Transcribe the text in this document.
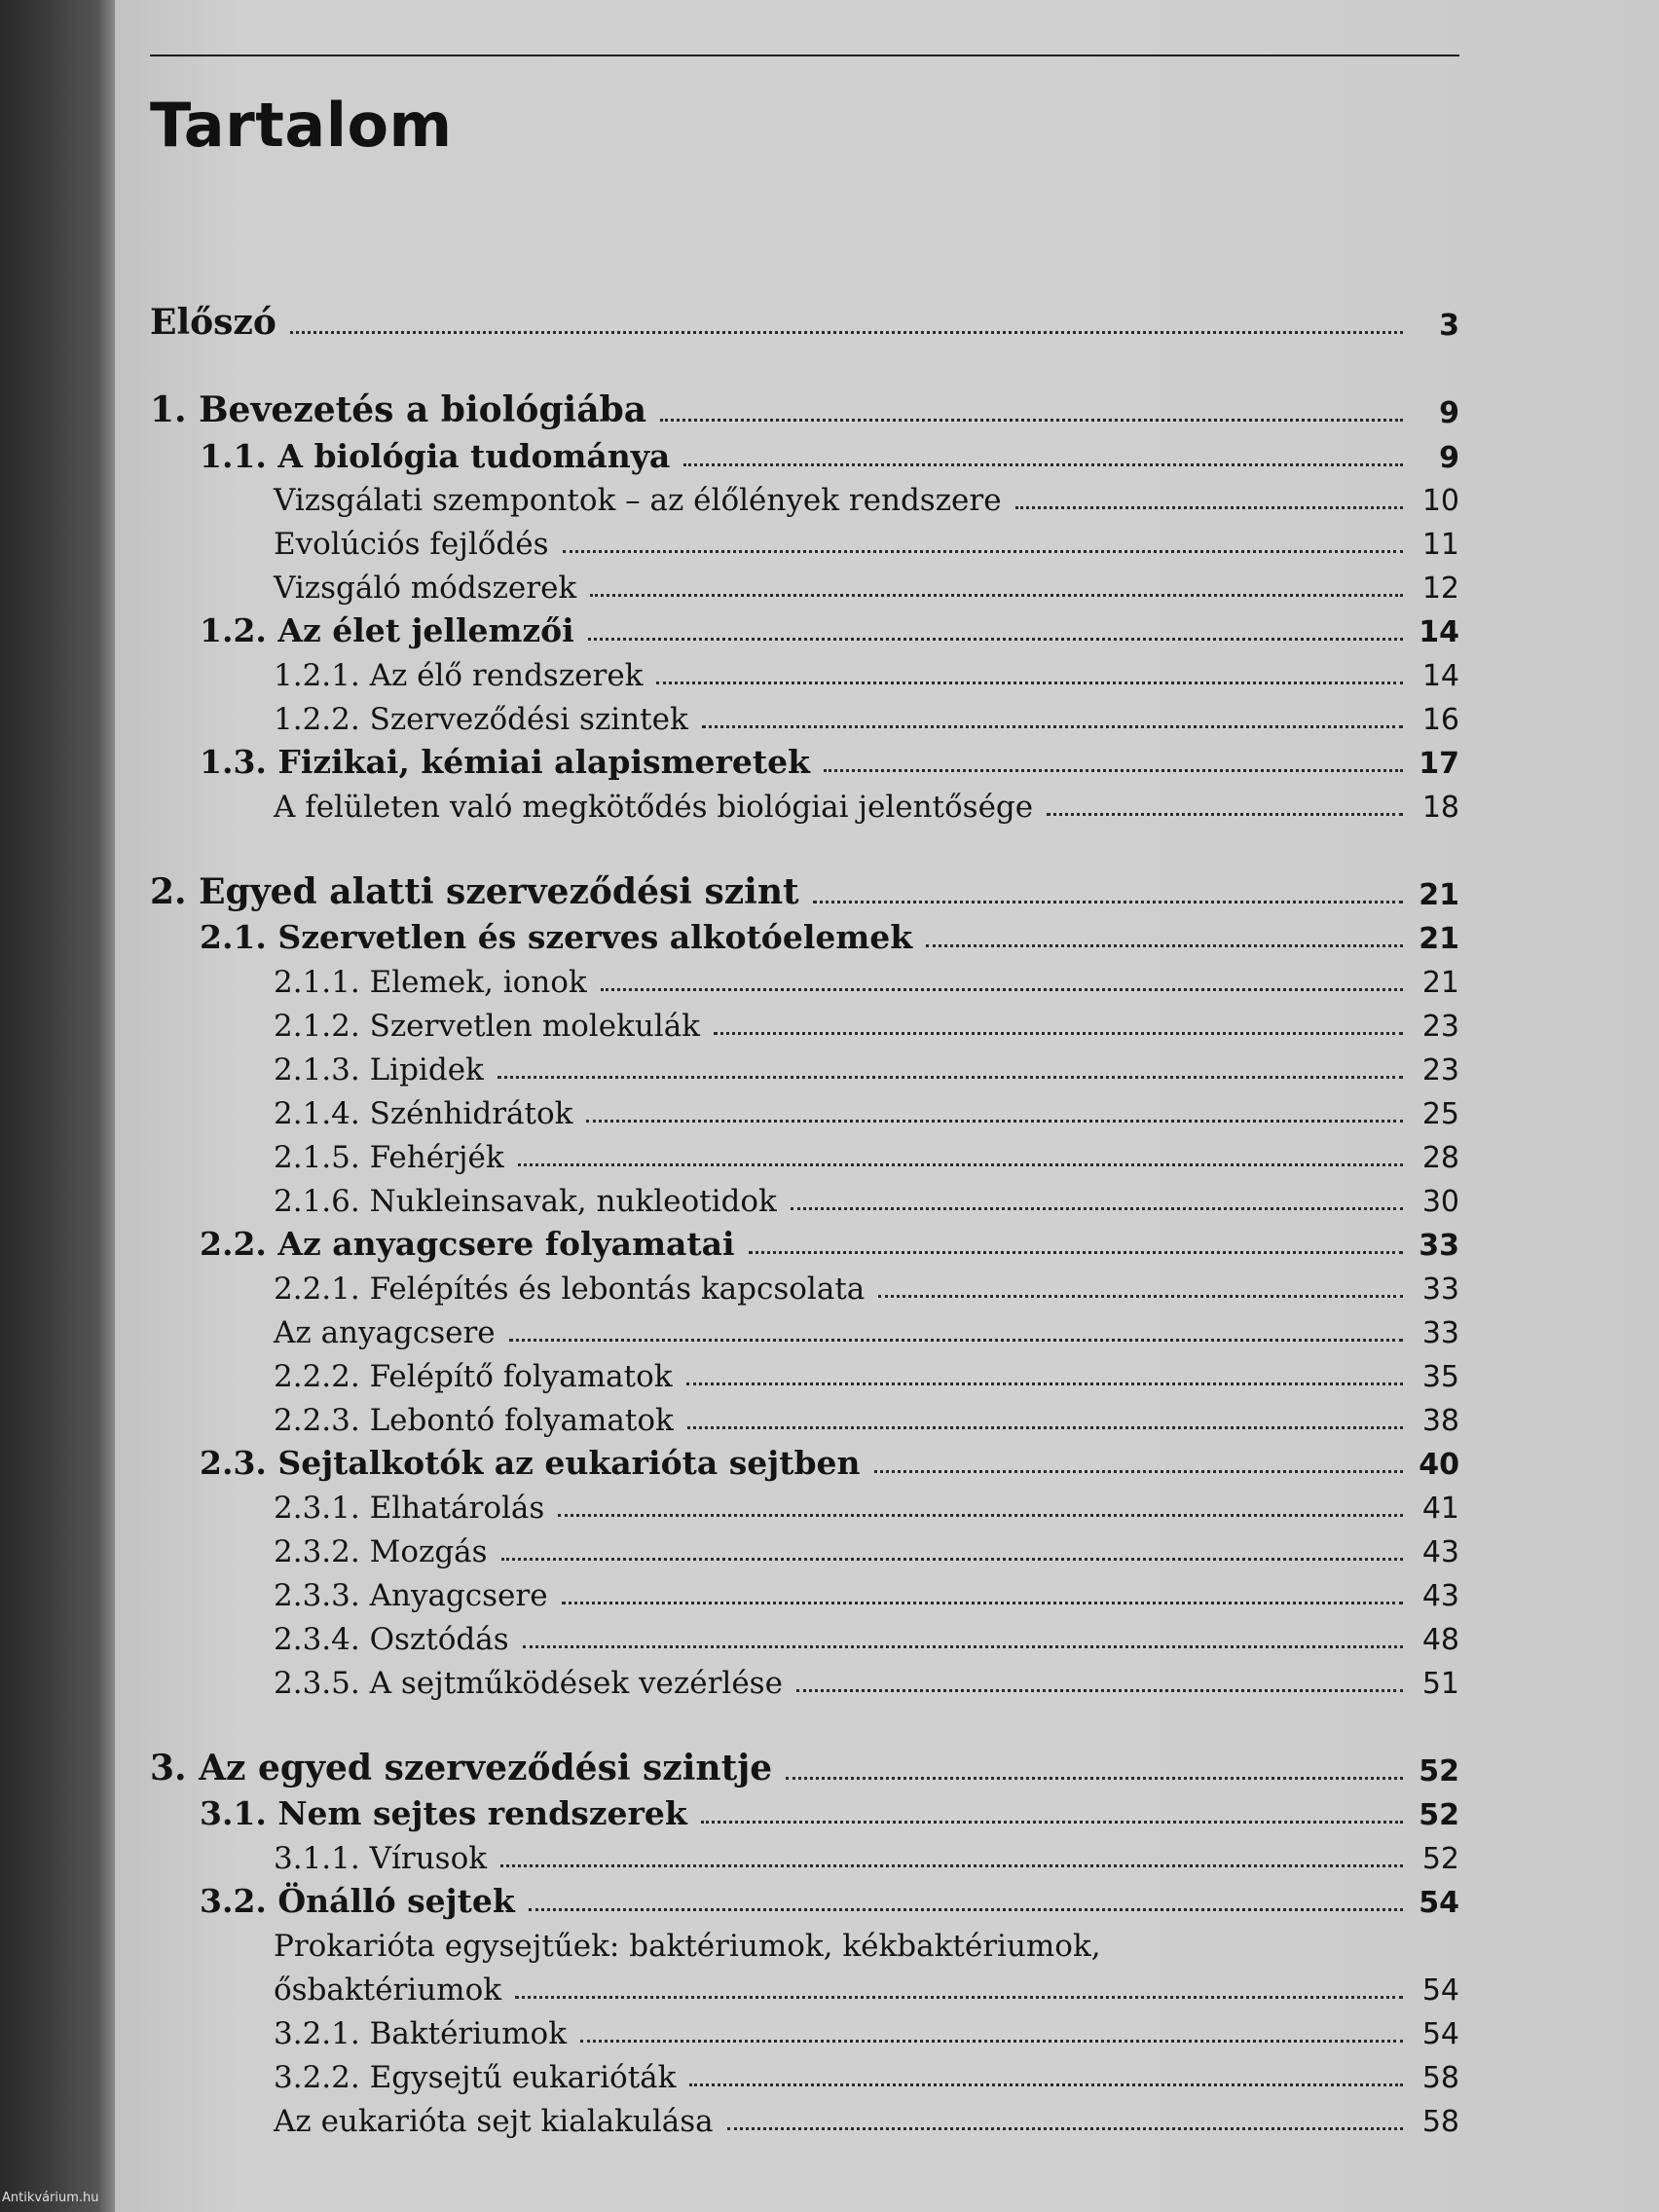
Tartalom
Előszó	3
1. Bevezetés a biológiába	9
1.1. A biológia tudománya	9
Vizsgálati szempontok – az élőlények rendszere	10
Evolúciós fejlődés	11
Vizsgáló módszerek	12
1.2. Az élet jellemzői	14
1.2.1. Az élő rendszerek	14
1.2.2. Szerveződési szintek	16
1.3. Fizikai, kémiai alapismeretek	17
A felületen való megkötődés biológiai jelentősége	18
2. Egyed alatti szerveződési szint	21
2.1. Szervetlen és szerves alkotóelemek	21
2.1.1. Elemek, ionok	21
2.1.2. Szervetlen molekulák	23
2.1.3. Lipidek	23
2.1.4. Szénhidrátok	25
2.1.5. Fehérjék	28
2.1.6. Nukleinsavak, nukleotidok	30
2.2. Az anyagcsere folyamatai	33
2.2.1. Felépítés és lebontás kapcsolata	33
Az anyagcsere	33
2.2.2. Felépítő folyamatok	35
2.2.3. Lebontó folyamatok	38
2.3. Sejtalkotók az eukarióta sejtben	40
2.3.1. Elhatárolás	41
2.3.2. Mozgás	43
2.3.3. Anyagcsere	43
2.3.4. Osztódás	48
2.3.5. A sejtműködések vezérlése	51
3. Az egyed szerveződési szintje	52
3.1. Nem sejtes rendszerek	52
3.1.1. Vírusok	52
3.2. Önálló sejtek	54
Prokarióta egysejtűek: baktériumok, kékbaktériumok,
ősbaktériumok	54
3.2.1. Baktériumok	54
3.2.2. Egysejtű eukarióták	58
Az eukarióta sejt kialakulása	58
Antikvárium.hu
